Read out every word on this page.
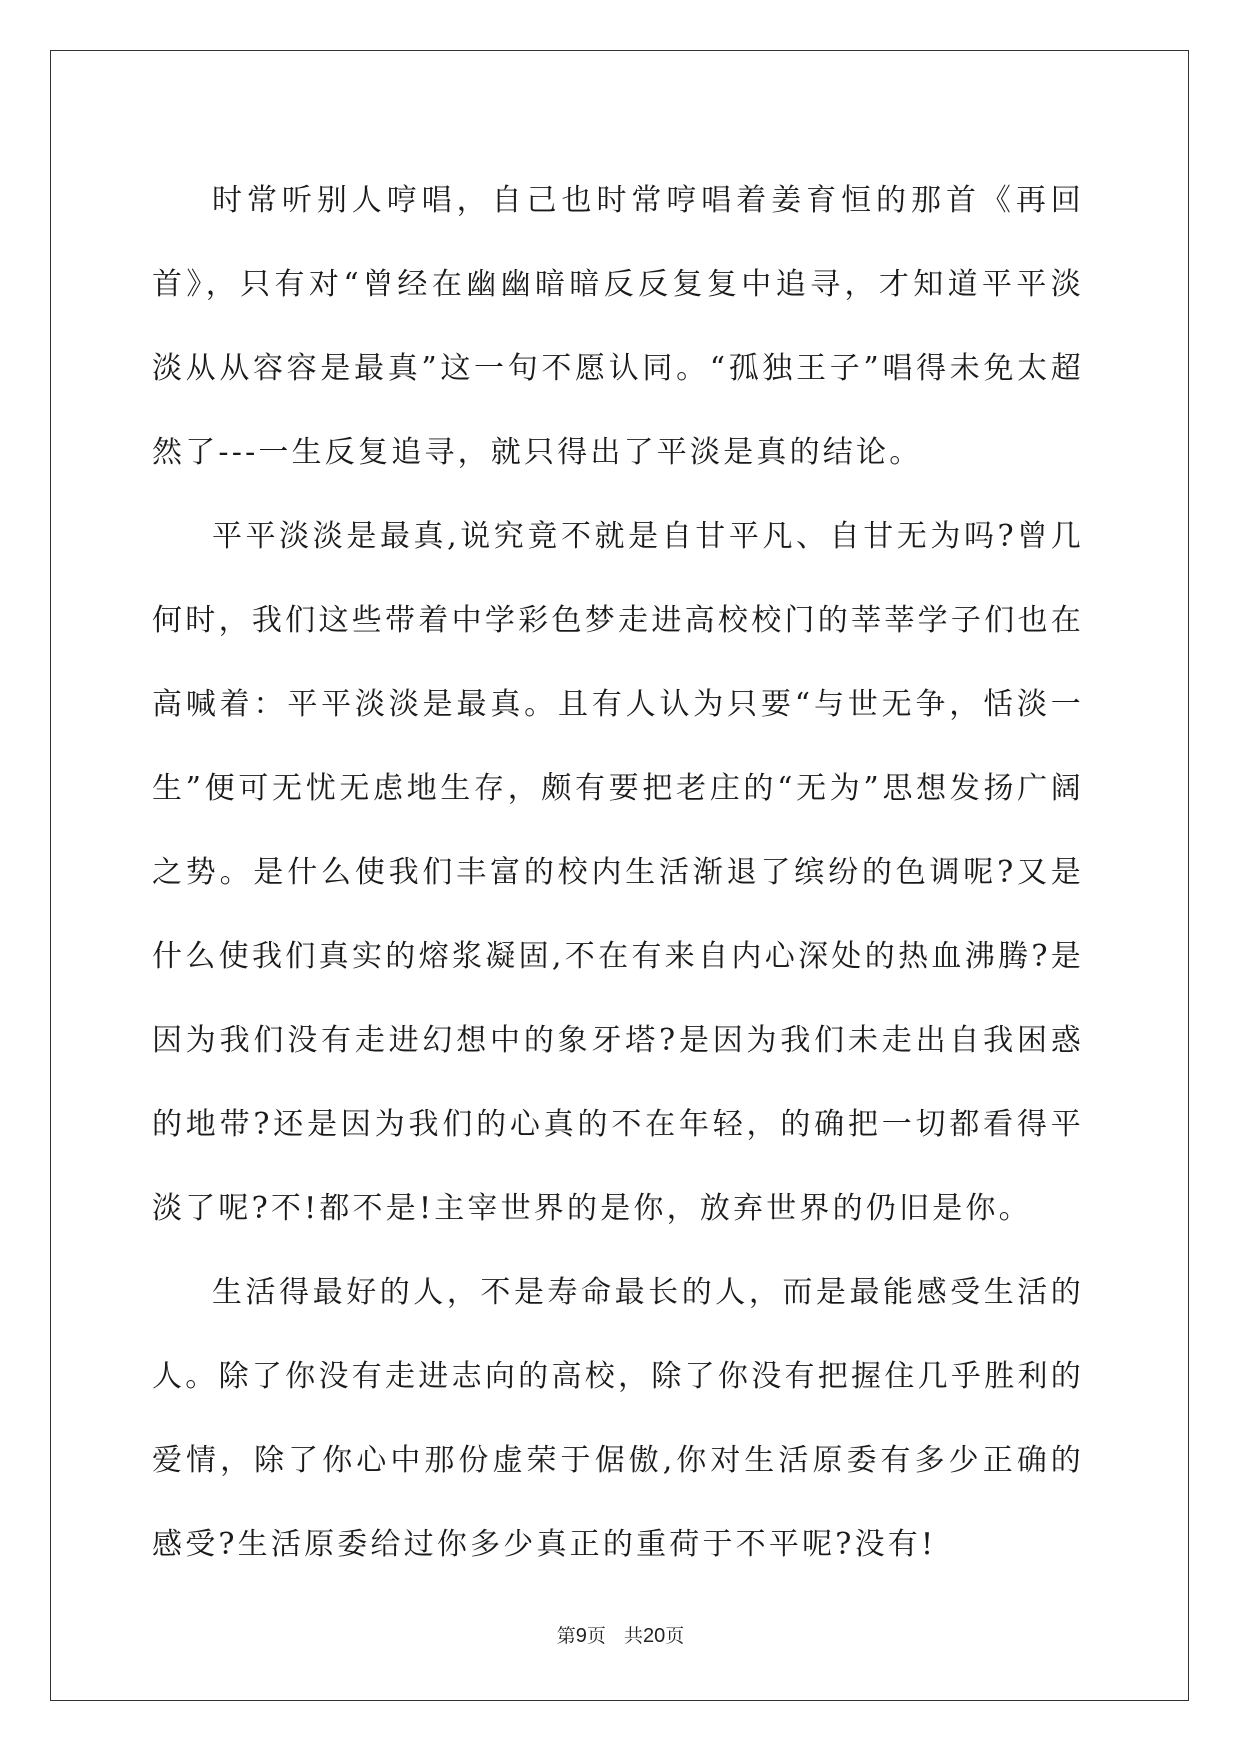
时常听别人哼唱，自己也时常哼唱着姜育恒的那首《再回首》，只有对“曾经在幽幽暗暗反反复复中追寻，才知道平平淡淡从从容容是最真”这一句不愿认同。“孤独王子”唱得未免太超然了---一生反复追寻，就只得出了平淡是真的结论。

平平淡淡是最真,说究竟不就是自甘平凡、自甘无为吗?曾几何时，我们这些带着中学彩色梦走进高校校门的莘莘学子们也在高喊着：平平淡淡是最真。且有人认为只要“与世无争，恬淡一生”便可无忧无虑地生存，颇有要把老庄的“无为”思想发扬广阔之势。是什么使我们丰富的校内生活渐退了缤纷的色调呢?又是什么使我们真实的熔浆凝固,不在有来自内心深处的热血沸腾?是因为我们没有走进幻想中的象牙塔?是因为我们未走出自我困惑的地带?还是因为我们的心真的不在年轻，的确把一切都看得平淡了呢?不!都不是!主宰世界的是你，放弃世界的仍旧是你。

生活得最好的人，不是寿命最长的人，而是最能感受生活的人。除了你没有走进志向的高校，除了你没有把握住几乎胜利的爱情，除了你心中那份虚荣于倨傲,你对生活原委有多少正确的感受?生活原委给过你多少真正的重荷于不平呢?没有!

第9页 共20页
